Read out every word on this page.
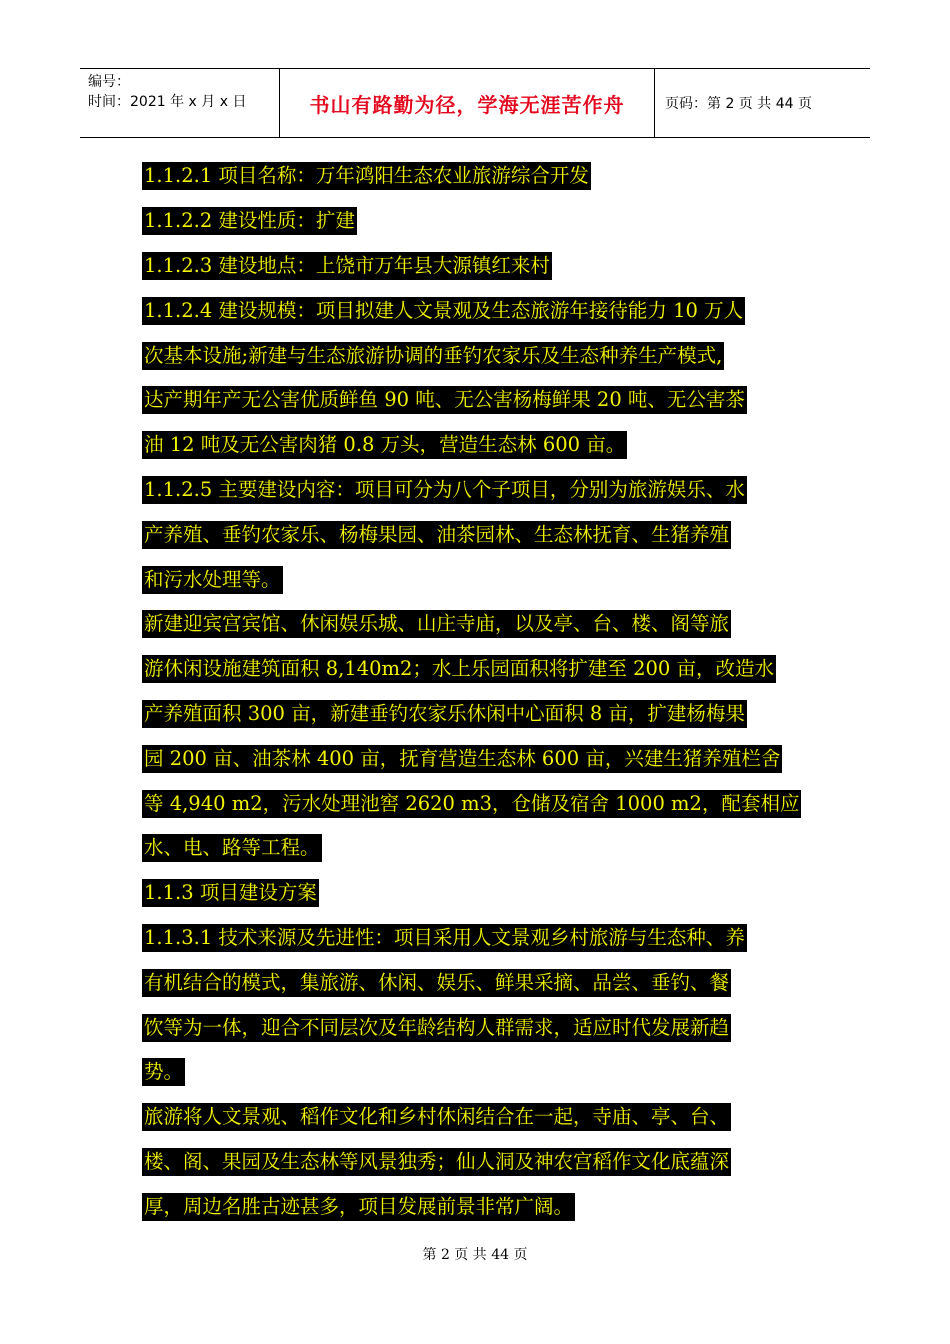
编号：
时间：2021 年 x 月 x 日	书山有路勤为径，学海无涯苦作舟	页码：第 2 页 共 44 页
1.1.2.1 项目名称：万年鸿阳生态农业旅游综合开发
1.1.2.2 建设性质：扩建
1.1.2.3 建设地点：上饶市万年县大源镇红来村
1.1.2.4 建设规模：项目拟建人文景观及生态旅游年接待能力 10 万人
次基本设施;新建与生态旅游协调的垂钓农家乐及生态种养生产模式,
达产期年产无公害优质鲜鱼 90 吨、无公害杨梅鲜果 20 吨、无公害茶
油 12 吨及无公害肉猪 0.8 万头，营造生态林 600 亩。
1.1.2.5 主要建设内容：项目可分为八个子项目，分别为旅游娱乐、水
产养殖、垂钓农家乐、杨梅果园、油茶园林、生态林抚育、生猪养殖
和污水处理等。
新建迎宾宫宾馆、休闲娱乐城、山庄寺庙，以及亭、台、楼、阁等旅
游休闲设施建筑面积 8,140m2；水上乐园面积将扩建至 200 亩，改造水
产养殖面积 300 亩，新建垂钓农家乐休闲中心面积 8 亩，扩建杨梅果
园 200 亩、油茶林 400 亩，抚育营造生态林 600 亩，兴建生猪养殖栏舍
等 4,940 m2，污水处理池窖 2620 m3，仓储及宿舍 1000 m2，配套相应
水、电、路等工程。
1.1.3 项目建设方案
1.1.3.1 技术来源及先进性：项目采用人文景观乡村旅游与生态种、养
有机结合的模式，集旅游、休闲、娱乐、鲜果采摘、品尝、垂钓、餐
饮等为一体，迎合不同层次及年龄结构人群需求，适应时代发展新趋
势。
旅游将人文景观、稻作文化和乡村休闲结合在一起，寺庙、亭、台、
楼、阁、果园及生态林等风景独秀；仙人洞及神农宫稻作文化底蕴深
厚，周边名胜古迹甚多，项目发展前景非常广阔。
第 2 页 共 44 页
